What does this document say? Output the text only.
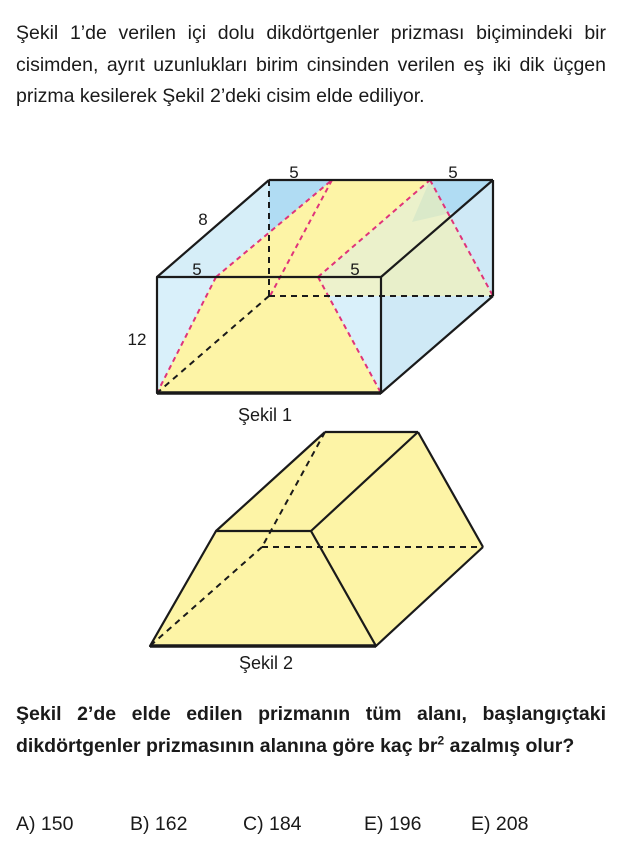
Şekil 1’de verilen içi dolu dikdörtgenler prizması biçimindeki bir cisimden, ayrıt uzunlukları birim cinsinden verilen eş iki dik üçgen prizma kesilerek Şekil 2’deki cisim elde ediliyor.

5	5
8
5	5
12
Şekil 1
Şekil 2

Şekil 2’de elde edilen prizmanın tüm alanı, başlangıçtaki dikdörtgenler prizmasının alanına göre kaç $br^2$ azalmış olur?

A) 150	B) 162	C) 184	E) 196	E) 208
